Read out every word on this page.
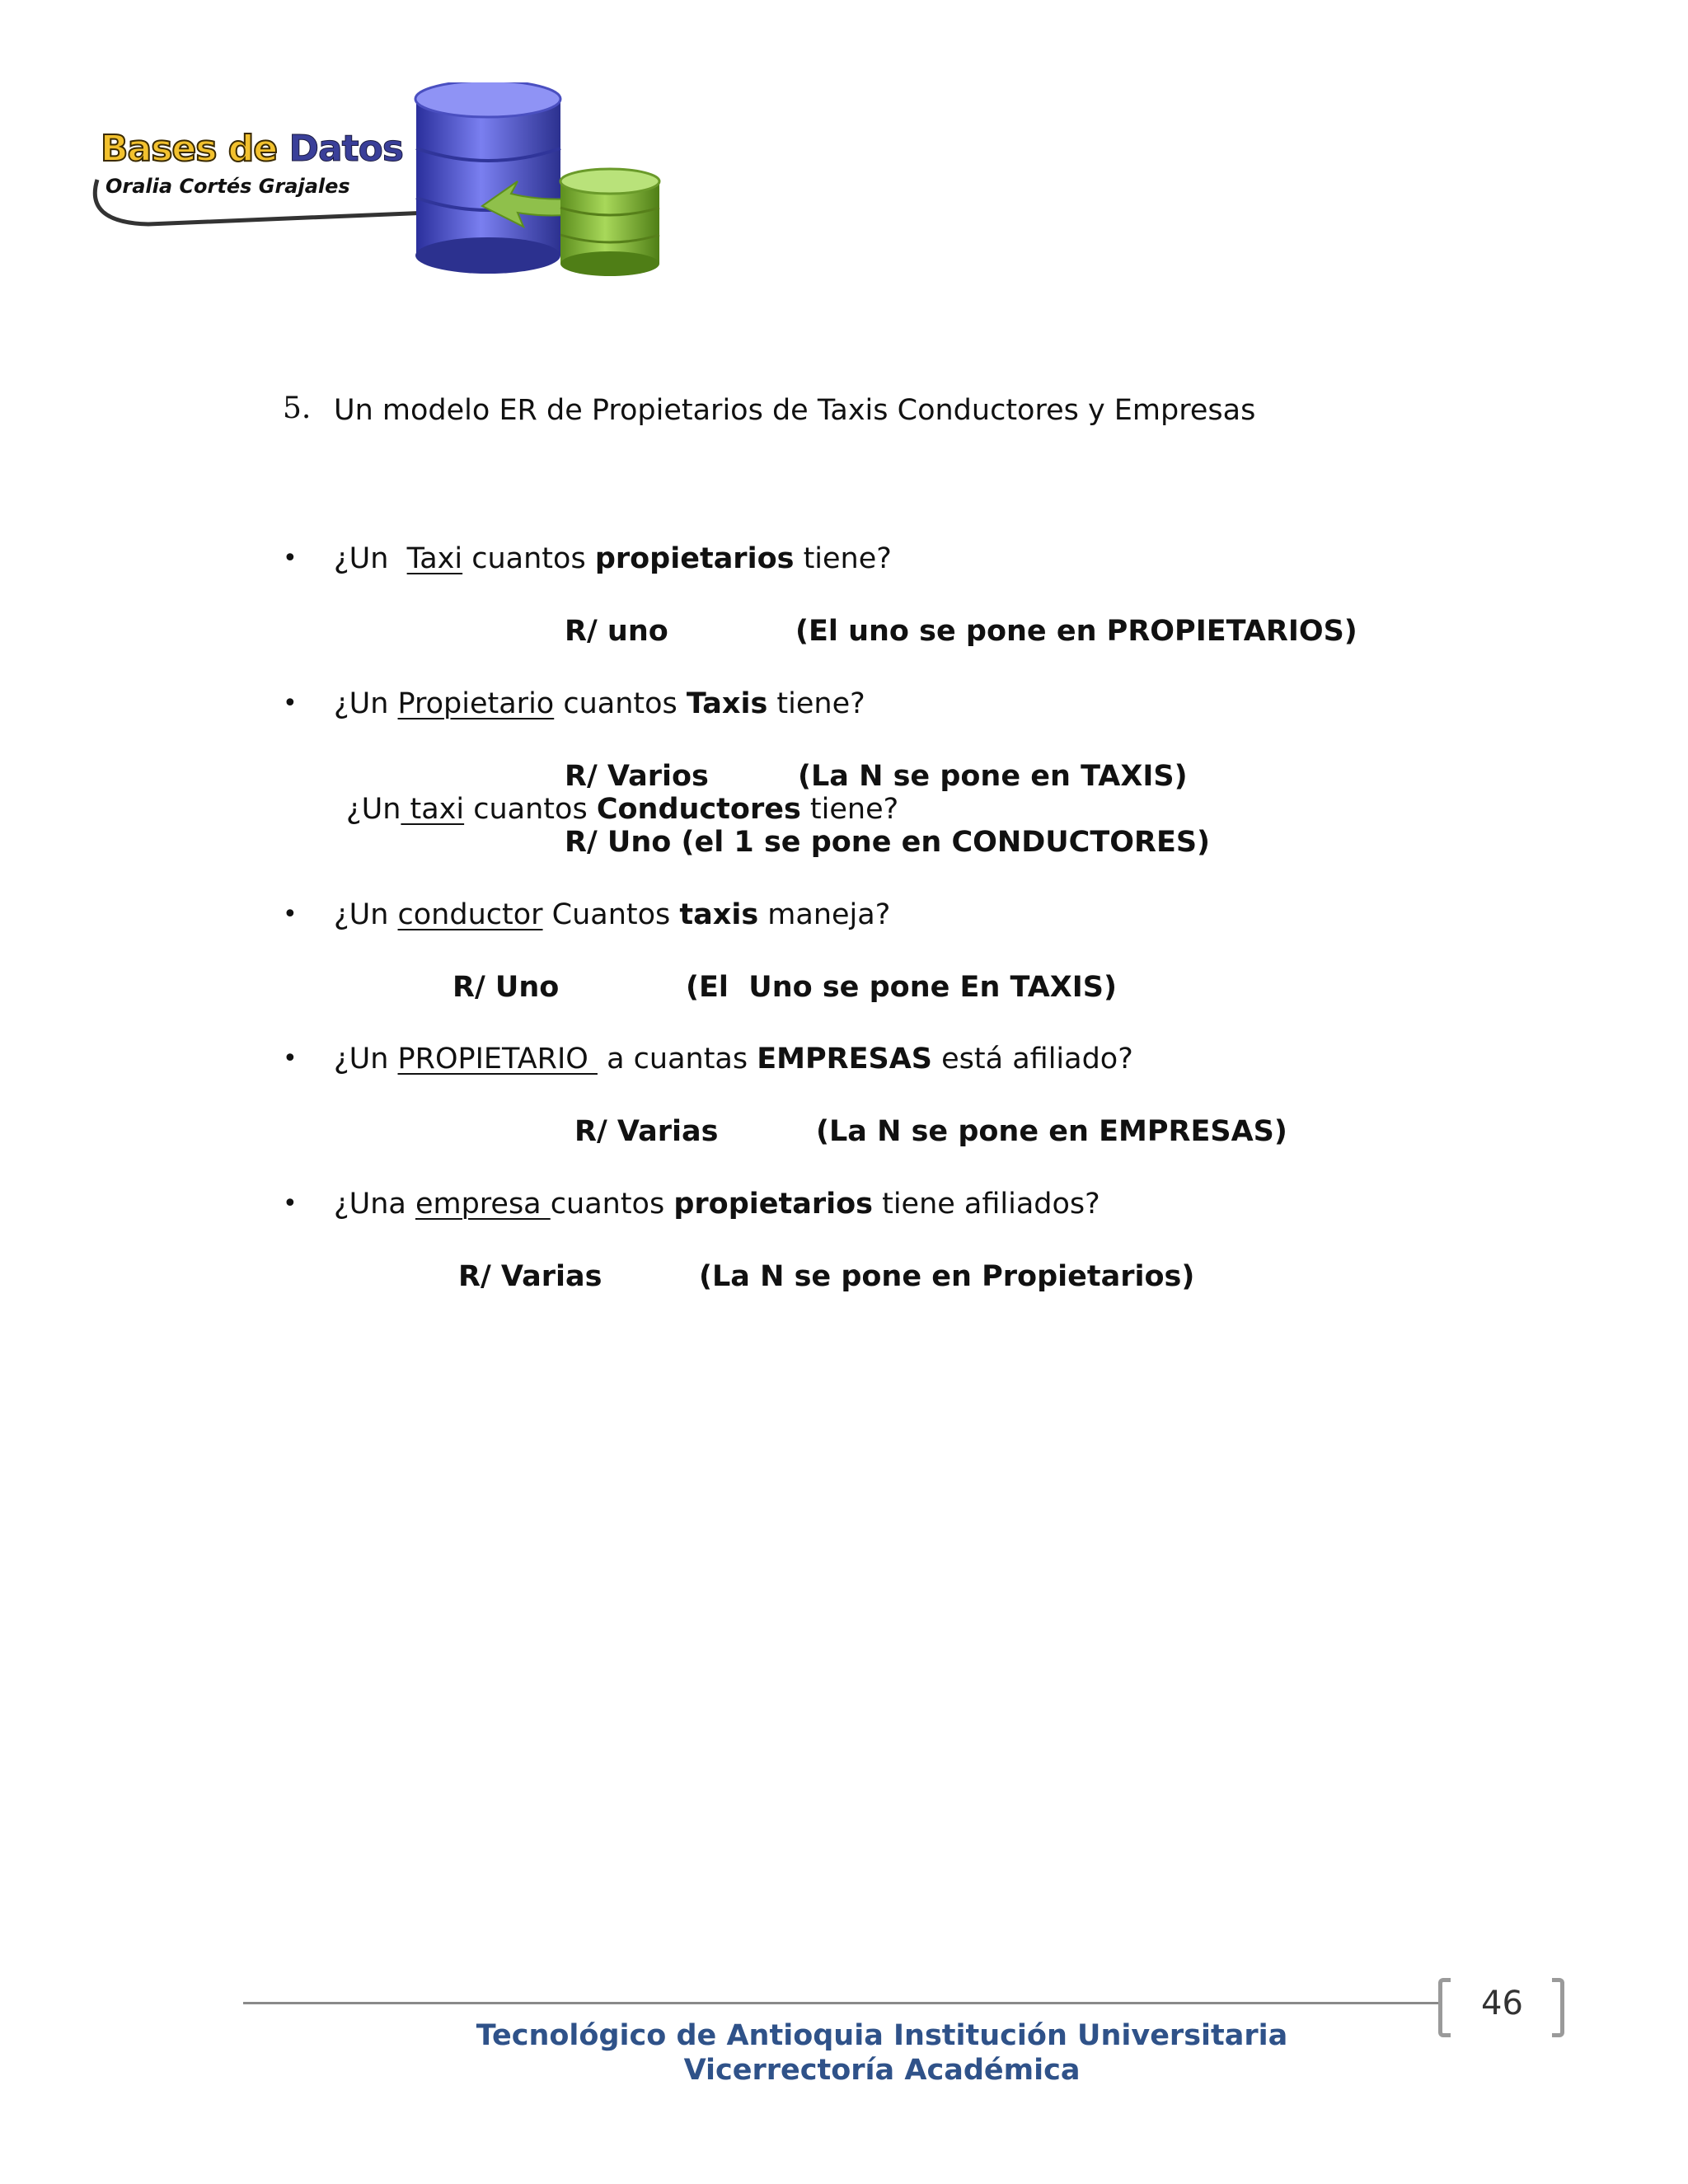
Bases de Datos
Oralia Cortés Grajales
5. Un modelo ER de Propietarios de Taxis Conductores y Empresas
• ¿Un  Taxi cuantos propietarios tiene?
R/ uno	(El uno se pone en PROPIETARIOS)
• ¿Un Propietario cuantos Taxis tiene?
R/ Varios	(La N se pone en TAXIS)
¿Un taxi cuantos Conductores tiene?
R/ Uno (el 1 se pone en CONDUCTORES)
• ¿Un conductor Cuantos taxis maneja?
R/ Uno	(El  Uno se pone En TAXIS)
• ¿Un PROPIETARIO  a cuantas EMPRESAS está afiliado?
R/ Varias	(La N se pone en EMPRESAS)
• ¿Una empresa cuantos propietarios tiene afiliados?
R/ Varias	(La N se pone en Propietarios)
46
Tecnológico de Antioquia Institución Universitaria
Vicerrectoría Académica
